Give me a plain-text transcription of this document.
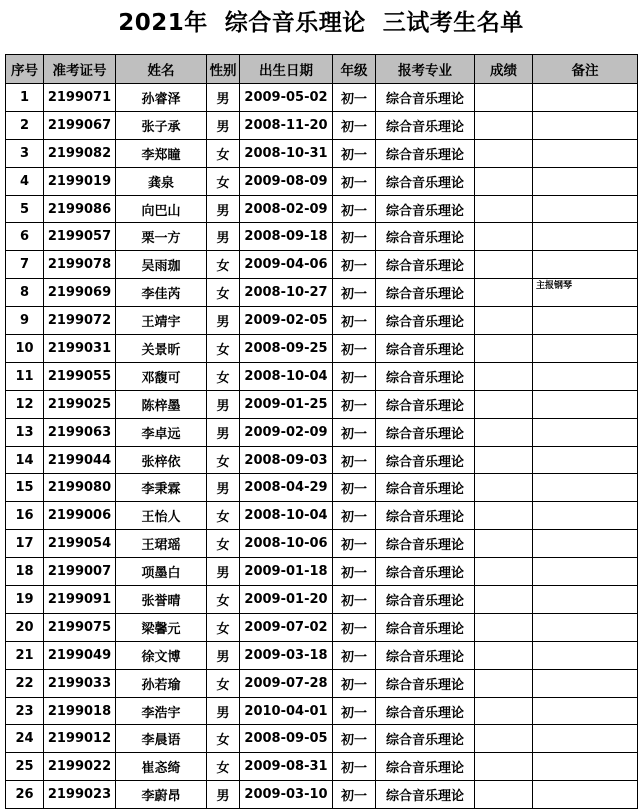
2021年  综合音乐理论  三试考生名单
序号	准考证号	姓名	性别	出生日期	年级	报考专业	成绩	备注
1	2199071	孙睿泽	男	2009-05-02	初一	综合音乐理论		
2	2199067	张子承	男	2008-11-20	初一	综合音乐理论		
3	2199082	李郑瞳	女	2008-10-31	初一	综合音乐理论		
4	2199019	龚泉	女	2009-08-09	初一	综合音乐理论		
5	2199086	向巴山	男	2008-02-09	初一	综合音乐理论		
6	2199057	栗一方	男	2008-09-18	初一	综合音乐理论		
7	2199078	吴雨珈	女	2009-04-06	初一	综合音乐理论		
8	2199069	李佳芮	女	2008-10-27	初一	综合音乐理论		主报钢琴
9	2199072	王靖宇	男	2009-02-05	初一	综合音乐理论		
10	2199031	关景昕	女	2008-09-25	初一	综合音乐理论		
11	2199055	邓馥可	女	2008-10-04	初一	综合音乐理论		
12	2199025	陈梓墨	男	2009-01-25	初一	综合音乐理论		
13	2199063	李卓远	男	2009-02-09	初一	综合音乐理论		
14	2199044	张梓依	女	2008-09-03	初一	综合音乐理论		
15	2199080	李秉霖	男	2008-04-29	初一	综合音乐理论		
16	2199006	王怡人	女	2008-10-04	初一	综合音乐理论		
17	2199054	王珺瑶	女	2008-10-06	初一	综合音乐理论		
18	2199007	项墨白	男	2009-01-18	初一	综合音乐理论		
19	2199091	张誉晴	女	2009-01-20	初一	综合音乐理论		
20	2199075	梁馨元	女	2009-07-02	初一	综合音乐理论		
21	2199049	徐文博	男	2009-03-18	初一	综合音乐理论		
22	2199033	孙若瑜	女	2009-07-28	初一	综合音乐理论		
23	2199018	李浩宇	男	2010-04-01	初一	综合音乐理论		
24	2199012	李晨语	女	2008-09-05	初一	综合音乐理论		
25	2199022	崔忞绮	女	2009-08-31	初一	综合音乐理论		
26	2199023	李蔚昂	男	2009-03-10	初一	综合音乐理论		
